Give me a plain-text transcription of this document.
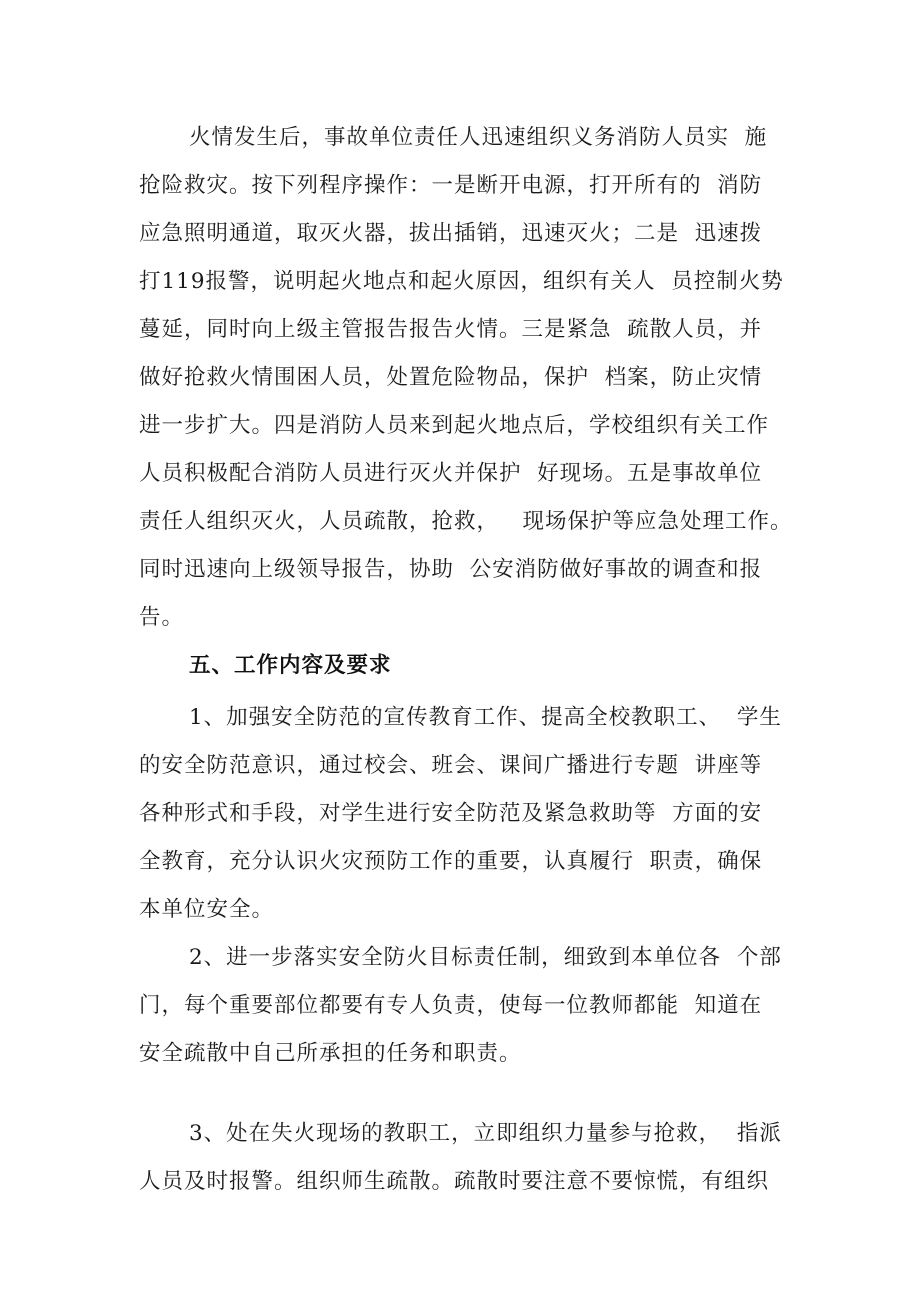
火情发生后，事故单位责任人迅速组织义务消防人员实  施
抢险救灾。按下列程序操作：一是断开电源，打开所有的  消防
应急照明通道，取灭火器，拔出插销，迅速灭火；二是  迅速拨
打119报警，说明起火地点和起火原因，组织有关人  员控制火势
蔓延，同时向上级主管报告报告火情。三是紧急  疏散人员，并
做好抢救火情围困人员，处置危险物品，保护  档案，防止灾情
进一步扩大。四是消防人员来到起火地点后，学校组织有关工作
人员积极配合消防人员进行灭火并保护  好现场。五是事故单位
责任人组织灭火，人员疏散，抢救，   现场保护等应急处理工作。
同时迅速向上级领导报告，协助  公安消防做好事故的调查和报
告。
五、工作内容及要求
1、加强安全防范的宣传教育工作、提高全校教职工、  学生
的安全防范意识，通过校会、班会、课间广播进行专题  讲座等
各种形式和手段，对学生进行安全防范及紧急救助等  方面的安
全教育，充分认识火灾预防工作的重要，认真履行  职责，确保
本单位安全。
2、进一步落实安全防火目标责任制，细致到本单位各  个部
门，每个重要部位都要有专人负责，使每一位教师都能  知道在
安全疏散中自己所承担的任务和职责。
3、处在失火现场的教职工，立即组织力量参与抢救，  指派
人员及时报警。组织师生疏散。疏散时要注意不要惊慌，有组织
